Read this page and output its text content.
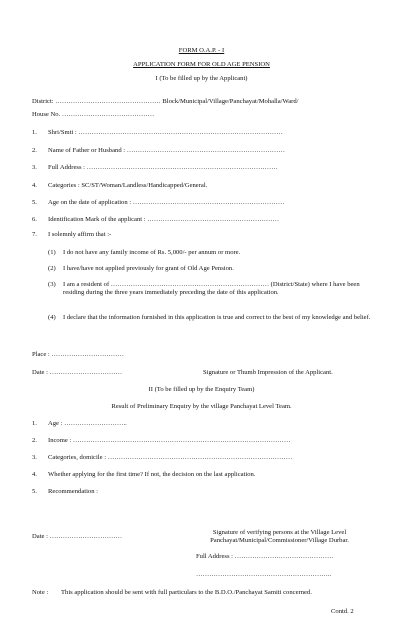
FORM O.A.P. - I
APPLICATION FORM FOR OLD AGE PENSION
I (To be filled up by the Applicant)
District: ………………………………………… Block/Municipal/Village/Panchayat/Mohalla/Ward/
House No. ……………………………………
1. Shri/Smti : …………………………………………………………………………………
2. Name of Father or Husband : ………………………………………………………………
3. Full Address : ……………………………………………………………………………
4. Categories : SC/ST/Woman/Landless/Handicapped/General.
5. Age on the date of application : ……………………………………………………………
6. Identification Mark of the applicant : ……………………………………………………
7. I solemnly affirm that :-
(1) I do not have any family income of Rs. 5,000/- per annum or more.
(2) I have/have not applied previously for grant of Old Age Pension.
(3) I am a resident of ……………………………………………………………… (District/State) where I have been residing during the three years immediately preceding the date of this application.
(4) I declare that the information furnished in this application is true and correct to the best of my knowledge and belief.
Place : ……………………………
Date : ……………………………	Signature or Thumb Impression of the Applicant.
II (To be filled up by the Enquiry Team)
Result of Preliminary Enquiry by the village Panchayat Level Team.
1. Age : ………………………..
2. Income : ………………………………………………………………………………………
3. Categories, domicile : …………………………………………………………………………
4. Whether applying for the first time? If not, the decision on the last application.
5. Recommendation :
Date : ……………………………
Signature of verifying persons at the Village Level Panchayat/Municipal/Commissioner/Village Durbar.
Full Address : ………………………………………
……………………………………………………..
Note : This application should be sent with full particulars to the B.D.O./Panchayat Samiti concerned.
Contd. 2
